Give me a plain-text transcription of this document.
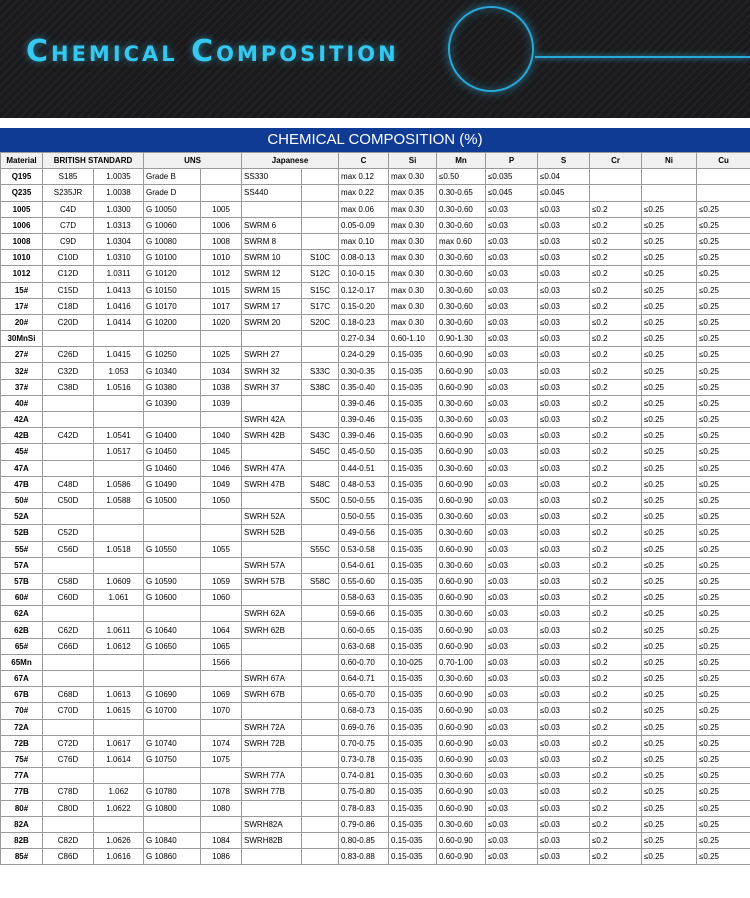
Chemical Composition
CHEMICAL COMPOSITION (%)
Material	BRITISH STANDARD		UNS		Japanese		C	Si	Mn	P	S	Cr	Ni	Cu
Q195	S185	1.0035	Grade B		SS330		max 0.12	max 0.30	≤0.50	≤0.035	≤0.04			
Q235	S235JR	1.0038	Grade D		SS440		max 0.22	max 0.35	0.30-0.65	≤0.045	≤0.045			
1005	C4D	1.0300	G 10050	1005			max 0.06	max 0.30	0.30-0.60	≤0.03	≤0.03	≤0.2	≤0.25	≤0.25
1006	C7D	1.0313	G 10060	1006	SWRM 6		0.05-0.09	max 0.30	0.30-0.60	≤0.03	≤0.03	≤0.2	≤0.25	≤0.25
1008	C9D	1.0304	G 10080	1008	SWRM 8		max 0.10	max 0.30	max 0.60	≤0.03	≤0.03	≤0.2	≤0.25	≤0.25
1010	C10D	1.0310	G 10100	1010	SWRM 10	S10C	0.08-0.13	max 0.30	0.30-0.60	≤0.03	≤0.03	≤0.2	≤0.25	≤0.25
1012	C12D	1.0311	G 10120	1012	SWRM 12	S12C	0.10-0.15	max 0.30	0.30-0.60	≤0.03	≤0.03	≤0.2	≤0.25	≤0.25
15#	C15D	1.0413	G 10150	1015	SWRM 15	S15C	0.12-0.17	max 0.30	0.30-0.60	≤0.03	≤0.03	≤0.2	≤0.25	≤0.25
17#	C18D	1.0416	G 10170	1017	SWRM 17	S17C	0.15-0.20	max 0.30	0.30-0.60	≤0.03	≤0.03	≤0.2	≤0.25	≤0.25
20#	C20D	1.0414	G 10200	1020	SWRM 20	S20C	0.18-0.23	max 0.30	0.30-0.60	≤0.03	≤0.03	≤0.2	≤0.25	≤0.25
30MnSi							0.27-0.34	0.60-1.10	0.90-1.30	≤0.03	≤0.03	≤0.2	≤0.25	≤0.25
27#	C26D	1.0415	G 10250	1025	SWRH 27		0.24-0.29	0.15-035	0.60-0.90	≤0.03	≤0.03	≤0.2	≤0.25	≤0.25
32#	C32D	1.053	G 10340	1034	SWRH 32	S33C	0.30-0.35	0.15-035	0.60-0.90	≤0.03	≤0.03	≤0.2	≤0.25	≤0.25
37#	C38D	1.0516	G 10380	1038	SWRH 37	S38C	0.35-0.40	0.15-035	0.60-0.90	≤0.03	≤0.03	≤0.2	≤0.25	≤0.25
40#			G 10390	1039			0.39-0.46	0.15-035	0.30-0.60	≤0.03	≤0.03	≤0.2	≤0.25	≤0.25
42A					SWRH 42A		0.39-0.46	0.15-035	0.30-0.60	≤0.03	≤0.03	≤0.2	≤0.25	≤0.25
42B	C42D	1.0541	G 10400	1040	SWRH 42B	S43C	0.39-0.46	0.15-035	0.60-0.90	≤0.03	≤0.03	≤0.2	≤0.25	≤0.25
45#		1.0517	G 10450	1045		S45C	0.45-0.50	0.15-035	0.60-0.90	≤0.03	≤0.03	≤0.2	≤0.25	≤0.25
47A			G 10460	1046	SWRH 47A		0.44-0.51	0.15-035	0.30-0.60	≤0.03	≤0.03	≤0.2	≤0.25	≤0.25
47B	C48D	1.0586	G 10490	1049	SWRH 47B	S48C	0.48-0.53	0.15-035	0.60-0.90	≤0.03	≤0.03	≤0.2	≤0.25	≤0.25
50#	C50D	1.0588	G 10500	1050		S50C	0.50-0.55	0.15-035	0.60-0.90	≤0.03	≤0.03	≤0.2	≤0.25	≤0.25
52A					SWRH 52A		0.50-0.55	0.15-035	0.30-0.60	≤0.03	≤0.03	≤0.2	≤0.25	≤0.25
52B	C52D				SWRH 52B		0.49-0.56	0.15-035	0.30-0.60	≤0.03	≤0.03	≤0.2	≤0.25	≤0.25
55#	C56D	1.0518	G 10550	1055		S55C	0.53-0.58	0.15-035	0.60-0.90	≤0.03	≤0.03	≤0.2	≤0.25	≤0.25
57A					SWRH 57A		0.54-0.61	0.15-035	0.30-0.60	≤0.03	≤0.03	≤0.2	≤0.25	≤0.25
57B	C58D	1.0609	G 10590	1059	SWRH 57B	S58C	0.55-0.60	0.15-035	0.60-0.90	≤0.03	≤0.03	≤0.2	≤0.25	≤0.25
60#	C60D	1.061	G 10600	1060			0.58-0.63	0.15-035	0.60-0.90	≤0.03	≤0.03	≤0.2	≤0.25	≤0.25
62A					SWRH 62A		0.59-0.66	0.15-035	0.30-0.60	≤0.03	≤0.03	≤0.2	≤0.25	≤0.25
62B	C62D	1.0611	G 10640	1064	SWRH 62B		0.60-0.65	0.15-035	0.60-0.90	≤0.03	≤0.03	≤0.2	≤0.25	≤0.25
65#	C66D	1.0612	G 10650	1065			0.63-0.68	0.15-035	0.60-0.90	≤0.03	≤0.03	≤0.2	≤0.25	≤0.25
65Mn				1566			0.60-0.70	0.10-025	0.70-1.00	≤0.03	≤0.03	≤0.2	≤0.25	≤0.25
67A					SWRH 67A		0.64-0.71	0.15-035	0.30-0.60	≤0.03	≤0.03	≤0.2	≤0.25	≤0.25
67B	C68D	1.0613	G 10690	1069	SWRH 67B		0.65-0.70	0.15-035	0.60-0.90	≤0.03	≤0.03	≤0.2	≤0.25	≤0.25
70#	C70D	1.0615	G 10700	1070			0.68-0.73	0.15-035	0.60-0.90	≤0.03	≤0.03	≤0.2	≤0.25	≤0.25
72A					SWRH 72A		0.69-0.76	0.15-035	0.60-0.90	≤0.03	≤0.03	≤0.2	≤0.25	≤0.25
72B	C72D	1.0617	G 10740	1074	SWRH 72B		0.70-0.75	0.15-035	0.60-0.90	≤0.03	≤0.03	≤0.2	≤0.25	≤0.25
75#	C76D	1.0614	G 10750	1075			0.73-0.78	0.15-035	0.60-0.90	≤0.03	≤0.03	≤0.2	≤0.25	≤0.25
77A					SWRH 77A		0.74-0.81	0.15-035	0.30-0.60	≤0.03	≤0.03	≤0.2	≤0.25	≤0.25
77B	C78D	1.062	G 10780	1078	SWRH 77B		0.75-0.80	0.15-035	0.60-0.90	≤0.03	≤0.03	≤0.2	≤0.25	≤0.25
80#	C80D	1.0622	G 10800	1080			0.78-0.83	0.15-035	0.60-0.90	≤0.03	≤0.03	≤0.2	≤0.25	≤0.25
82A					SWRH82A		0.79-0.86	0.15-035	0.30-0.60	≤0.03	≤0.03	≤0.2	≤0.25	≤0.25
82B	C82D	1.0626	G 10840	1084	SWRH82B		0.80-0.85	0.15-035	0.60-0.90	≤0.03	≤0.03	≤0.2	≤0.25	≤0.25
85#	C86D	1.0616	G 10860	1086			0.83-0.88	0.15-035	0.60-0.90	≤0.03	≤0.03	≤0.2	≤0.25	≤0.25
